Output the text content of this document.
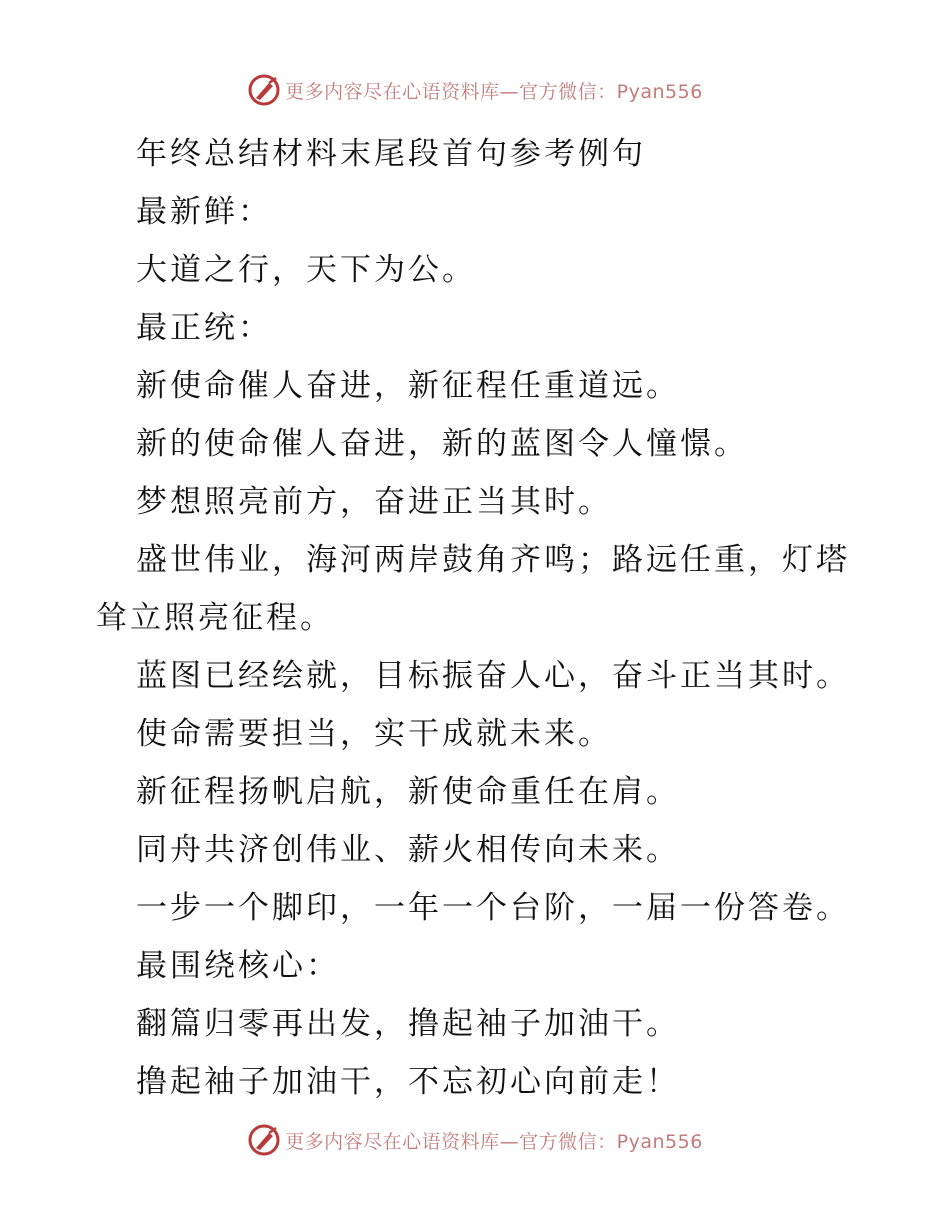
更多内容尽在心语资料库—官方微信：Pyan556

年终总结材料末尾段首句参考例句

最新鲜：

大道之行，天下为公。

最正统：

新使命催人奋进，新征程任重道远。

新的使命催人奋进，新的蓝图令人憧憬。

梦想照亮前方，奋进正当其时。

盛世伟业，海河两岸鼓角齐鸣；路远任重，灯塔耸立照亮征程。

蓝图已经绘就，目标振奋人心，奋斗正当其时。

使命需要担当，实干成就未来。

新征程扬帆启航，新使命重任在肩。

同舟共济创伟业、薪火相传向未来。

一步一个脚印，一年一个台阶，一届一份答卷。

最围绕核心：

翻篇归零再出发，撸起袖子加油干。

撸起袖子加油干，不忘初心向前走！

更多内容尽在心语资料库—官方微信：Pyan556
